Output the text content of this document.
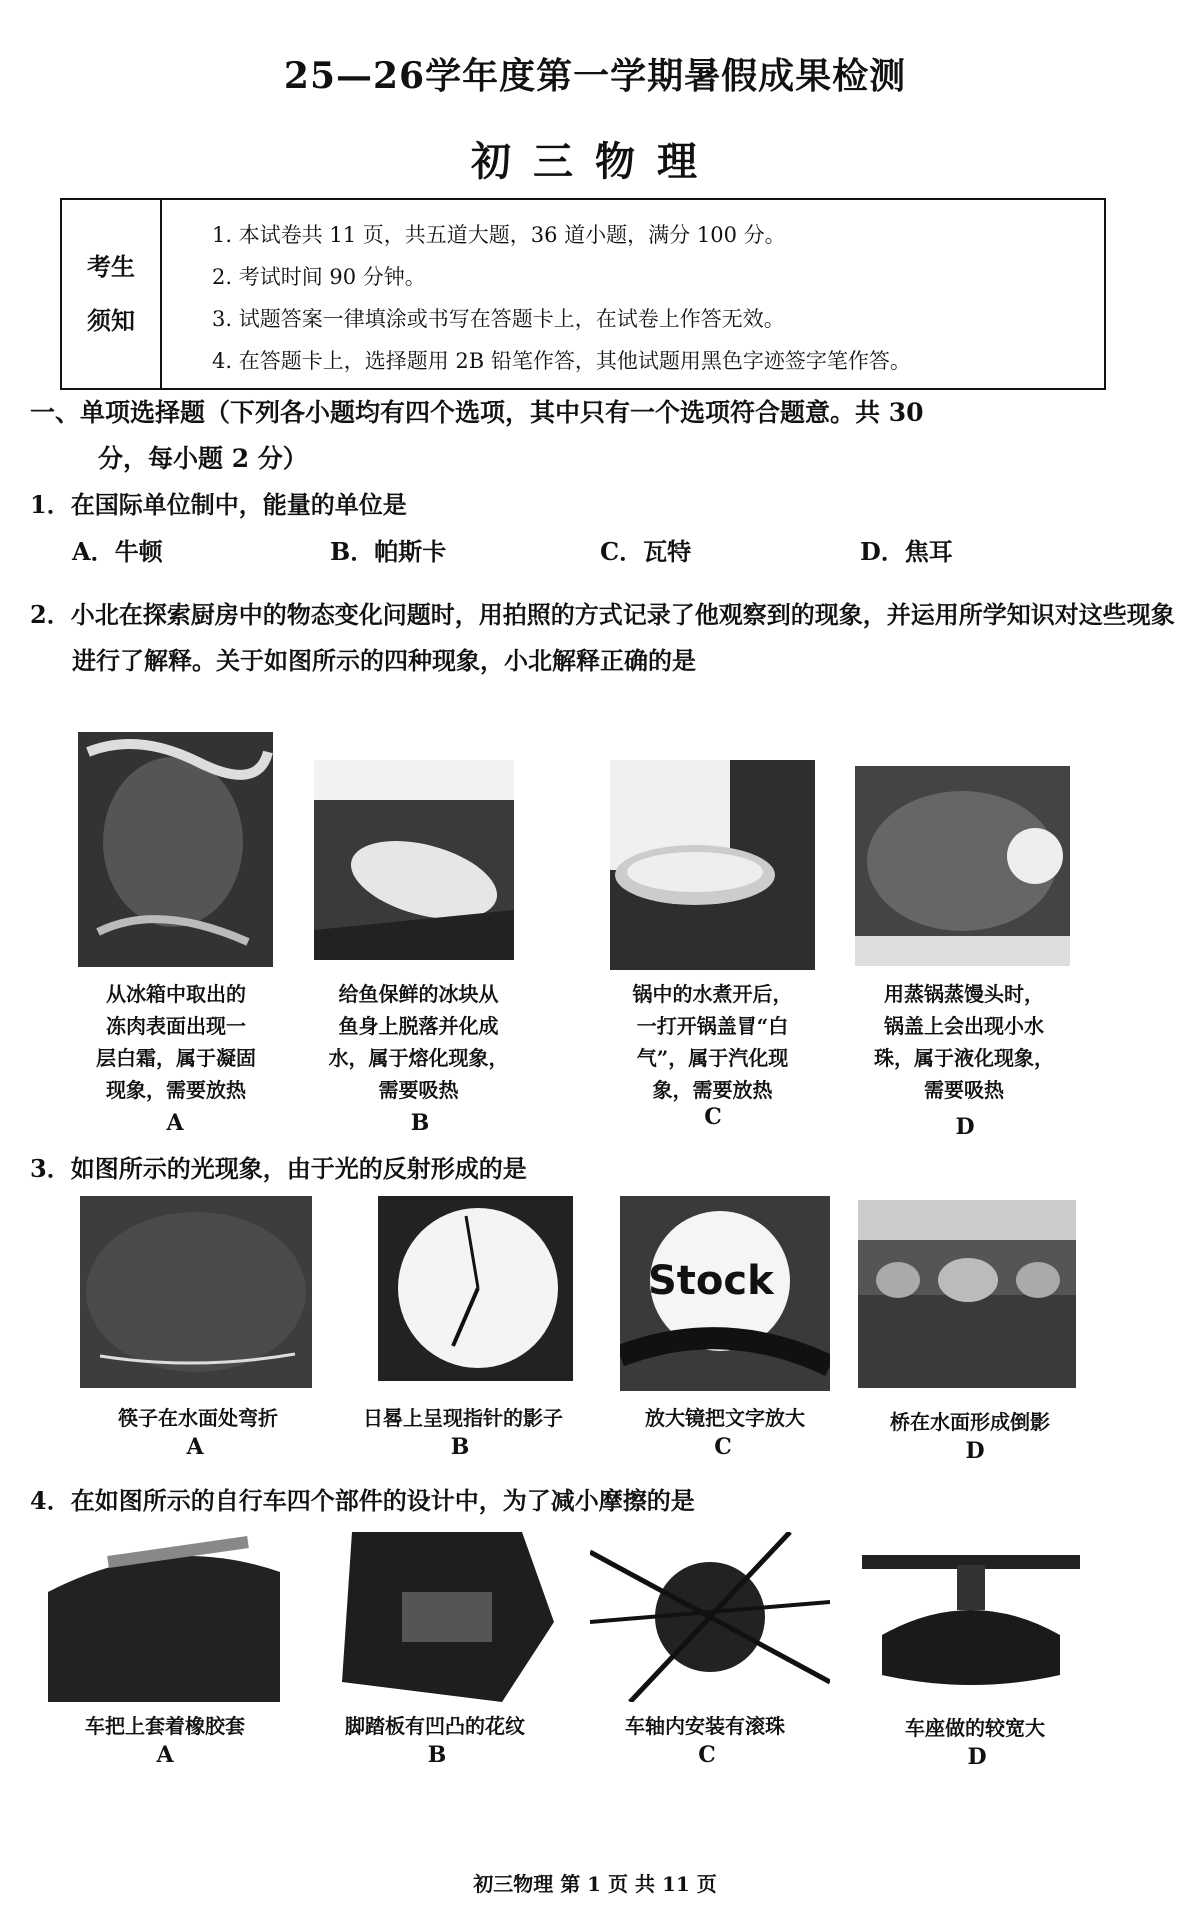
25—26学年度第一学期暑假成果检测
初三物理
考生
须知
1. 本试卷共 11 页，共五道大题，36 道小题，满分 100 分。
2. 考试时间 90 分钟。
3. 试题答案一律填涂或书写在答题卡上，在试卷上作答无效。
4. 在答题卡上，选择题用 2B 铅笔作答，其他试题用黑色字迹签字笔作答。
一、单项选择题（下列各小题均有四个选项，其中只有一个选项符合题意。共 30
分，每小题 2 分）
1．在国际单位制中，能量的单位是
A．牛顿	B．帕斯卡	C．瓦特	D．焦耳
2．小北在探索厨房中的物态变化问题时，用拍照的方式记录了他观察到的现象，并运用所学知识对这些现象进行了解释。关于如图所示的四种现象，小北解释正确的是
从冰箱中取出的
冻肉表面出现一
层白霜，属于凝固
现象，需要放热
给鱼保鲜的冰块从
鱼身上脱落并化成
水，属于熔化现象，
需要吸热
锅中的水煮开后，
一打开锅盖冒“白
气”，属于汽化现
象，需要放热
用蒸锅蒸馒头时，
锅盖上会出现小水
珠，属于液化现象，
需要吸热
A	B	C	D
3．如图所示的光现象，由于光的反射形成的是
Stock
筷子在水面处弯折	日晷上呈现指针的影子	放大镜把文字放大	桥在水面形成倒影
A	B	C	D
4．在如图所示的自行车四个部件的设计中，为了减小摩擦的是
车把上套着橡胶套	脚踏板有凹凸的花纹	车轴内安装有滚珠	车座做的较宽大
A	B	C	D
初三物理 第 1 页 共 11 页
